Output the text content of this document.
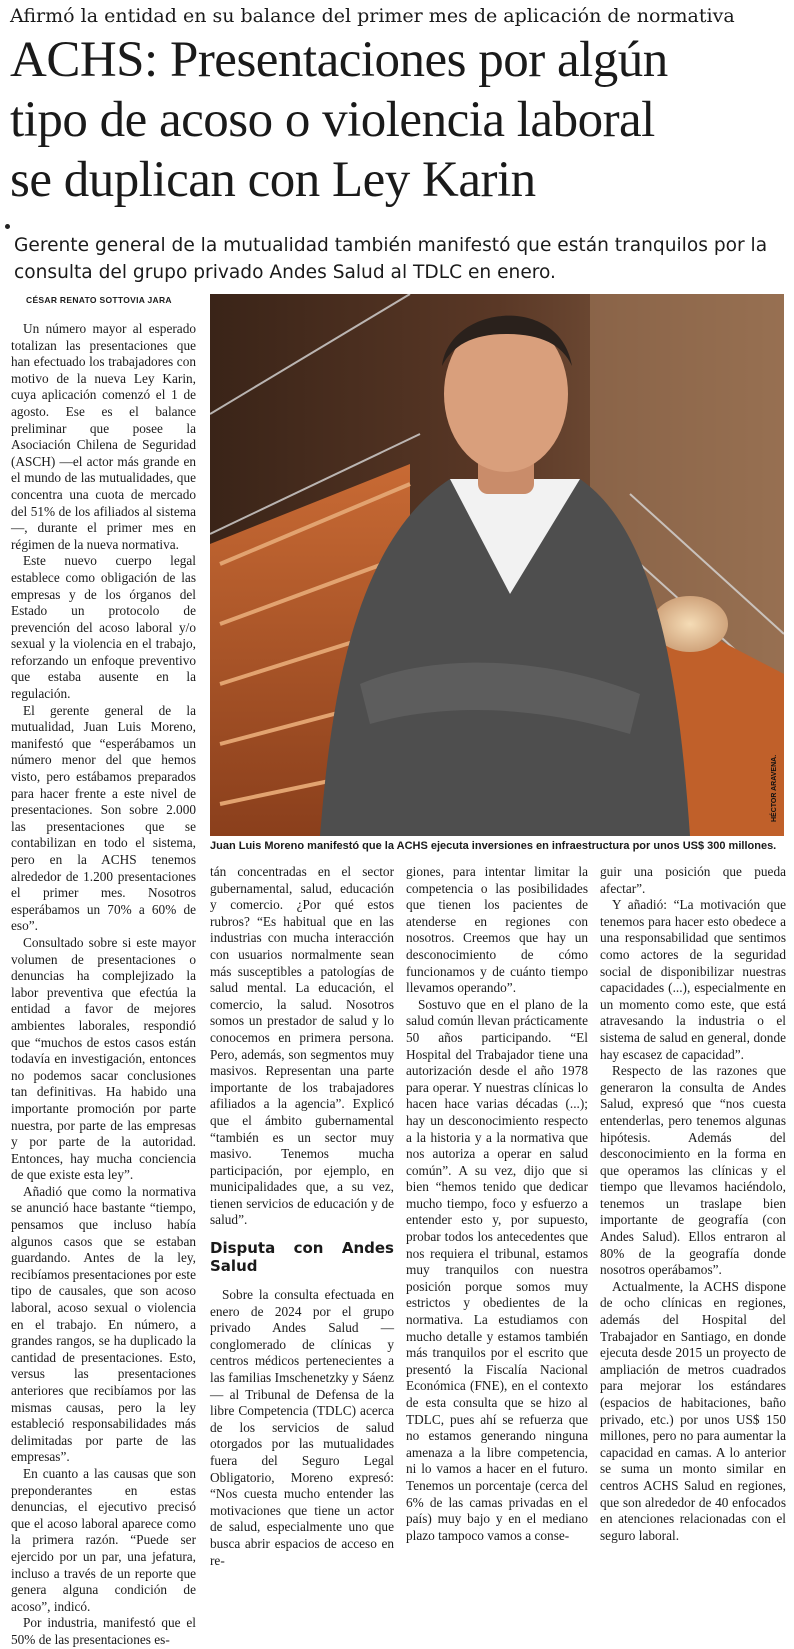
Afirmó la entidad en su balance del primer mes de aplicación de normativa
ACHS: Presentaciones por algún
tipo de acoso o violencia laboral
se duplican con Ley Karin
Gerente general de la mutualidad también manifestó que están tranquilos por la
consulta del grupo privado Andes Salud al TDLC en enero.
CÉSAR RENATO SOTTOVIA JARA
HÉCTOR ARAVENA.
Juan Luis Moreno manifestó que la ACHS ejecuta inversiones en infraestructura por unos US$ 300 millones.

Un número mayor al esperado totalizan las presentaciones que han efectuado los trabajadores con motivo de la nueva Ley Karin, cuya aplicación comenzó el 1 de agosto. Ese es el balance preliminar que posee la Asociación Chilena de Seguridad (ASCH) —el actor más grande en el mundo de las mutualidades, que concentra una cuota de mercado del 51% de los afiliados al sistema—, durante el primer mes en régimen de la nueva normativa.

Este nuevo cuerpo legal establece como obligación de las empresas y de los órganos del Estado un protocolo de prevención del acoso laboral y/o sexual y la violencia en el trabajo, reforzando un enfoque preventivo que estaba ausente en la regulación.

El gerente general de la mutualidad, Juan Luis Moreno, manifestó que “esperábamos un número menor del que hemos visto, pero estábamos preparados para hacer frente a este nivel de presentaciones. Son sobre 2.000 las presentaciones que se contabilizan en todo el sistema, pero en la ACHS tenemos alrededor de 1.200 presentaciones el primer mes. Nosotros esperábamos un 70% a 60% de eso”.

Consultado sobre si este mayor volumen de presentaciones o denuncias ha complejizado la labor preventiva que efectúa la entidad a favor de mejores ambientes laborales, respondió que “muchos de estos casos están todavía en investigación, entonces no podemos sacar conclusiones tan definitivas. Ha habido una importante promoción por parte nuestra, por parte de las empresas y por parte de la autoridad. Entonces, hay mucha conciencia de que existe esta ley”.

Añadió que como la normativa se anunció hace bastante “tiempo, pensamos que incluso había algunos casos que se estaban guardando. Antes de la ley, recibíamos presentaciones por este tipo de causales, que son acoso laboral, acoso sexual o violencia en el trabajo. En número, a grandes rangos, se ha duplicado la cantidad de presentaciones. Esto, versus las presentaciones anteriores que recibíamos por las mismas causas, pero la ley estableció responsabilidades más delimitadas por parte de las empresas”.

En cuanto a las causas que son preponderantes en estas denuncias, el ejecutivo precisó que el acoso laboral aparece como la primera razón. “Puede ser ejercido por un par, una jefatura, incluso a través de un reporte que genera alguna condición de acoso”, indicó.

Por industria, manifestó que el 50% de las presentaciones es-

tán concentradas en el sector gubernamental, salud, educación y comercio. ¿Por qué estos rubros? “Es habitual que en las industrias con mucha interacción con usuarios normalmente sean más susceptibles a patologías de salud mental. La educación, el comercio, la salud. Nosotros somos un prestador de salud y lo conocemos en primera persona. Pero, además, son segmentos muy masivos. Representan una parte importante de los trabajadores afiliados a la agencia”. Explicó que el ámbito gubernamental “también es un sector muy masivo. Tenemos mucha participación, por ejemplo, en municipalidades que, a su vez, tienen servicios de educación y de salud”.

Disputa con Andes Salud

Sobre la consulta efectuada en enero de 2024 por el grupo privado Andes Salud —conglomerado de clínicas y centros médicos pertenecientes a las familias Imschenetzky y Sáenz— al Tribunal de Defensa de la libre Competencia (TDLC) acerca de los servicios de salud otorgados por las mutualidades fuera del Seguro Legal Obligatorio, Moreno expresó: “Nos cuesta mucho entender las motivaciones que tiene un actor de salud, especialmente uno que busca abrir espacios de acceso en re-

giones, para intentar limitar la competencia o las posibilidades que tienen los pacientes de atenderse en regiones con nosotros. Creemos que hay un desconocimiento de cómo funcionamos y de cuánto tiempo llevamos operando”.

Sostuvo que en el plano de la salud común llevan prácticamente 50 años participando. “El Hospital del Trabajador tiene una autorización desde el año 1978 para operar. Y nuestras clínicas lo hacen hace varias décadas (...); hay un desconocimiento respecto a la historia y a la normativa que nos autoriza a operar en salud común”. A su vez, dijo que si bien “hemos tenido que dedicar mucho tiempo, foco y esfuerzo a entender esto y, por supuesto, probar todos los antecedentes que nos requiera el tribunal, estamos muy tranquilos con nuestra posición porque somos muy estrictos y obedientes de la normativa. La estudiamos con mucho detalle y estamos también más tranquilos por el escrito que presentó la Fiscalía Nacional Económica (FNE), en el contexto de esta consulta que se hizo al TDLC, pues ahí se refuerza que no estamos generando ninguna amenaza a la libre competencia, ni lo vamos a hacer en el futuro. Tenemos un porcentaje (cerca del 6% de las camas privadas en el país) muy bajo y en el mediano plazo tampoco vamos a conse-

guir una posición que pueda afectar”.

Y añadió: “La motivación que tenemos para hacer esto obedece a una responsabilidad que sentimos como actores de la seguridad social de disponibilizar nuestras capacidades (...), especialmente en un momento como este, que está atravesando la industria o el sistema de salud en general, donde hay escasez de capacidad”.

Respecto de las razones que generaron la consulta de Andes Salud, expresó que “nos cuesta entenderlas, pero tenemos algunas hipótesis. Además del desconocimiento en la forma en que operamos las clínicas y el tiempo que llevamos haciéndolo, tenemos un traslape bien importante de geografía (con Andes Salud). Ellos entraron al 80% de la geografía donde nosotros operábamos”.

Actualmente, la ACHS dispone de ocho clínicas en regiones, además del Hospital del Trabajador en Santiago, en donde ejecuta desde 2015 un proyecto de ampliación de metros cuadrados para mejorar los estándares (espacios de habitaciones, baño privado, etc.) por unos US$ 150 millones, pero no para aumentar la capacidad en camas. A lo anterior se suma un monto similar en centros ACHS Salud en regiones, que son alrededor de 40 enfocados en atenciones relacionadas con el seguro laboral.
